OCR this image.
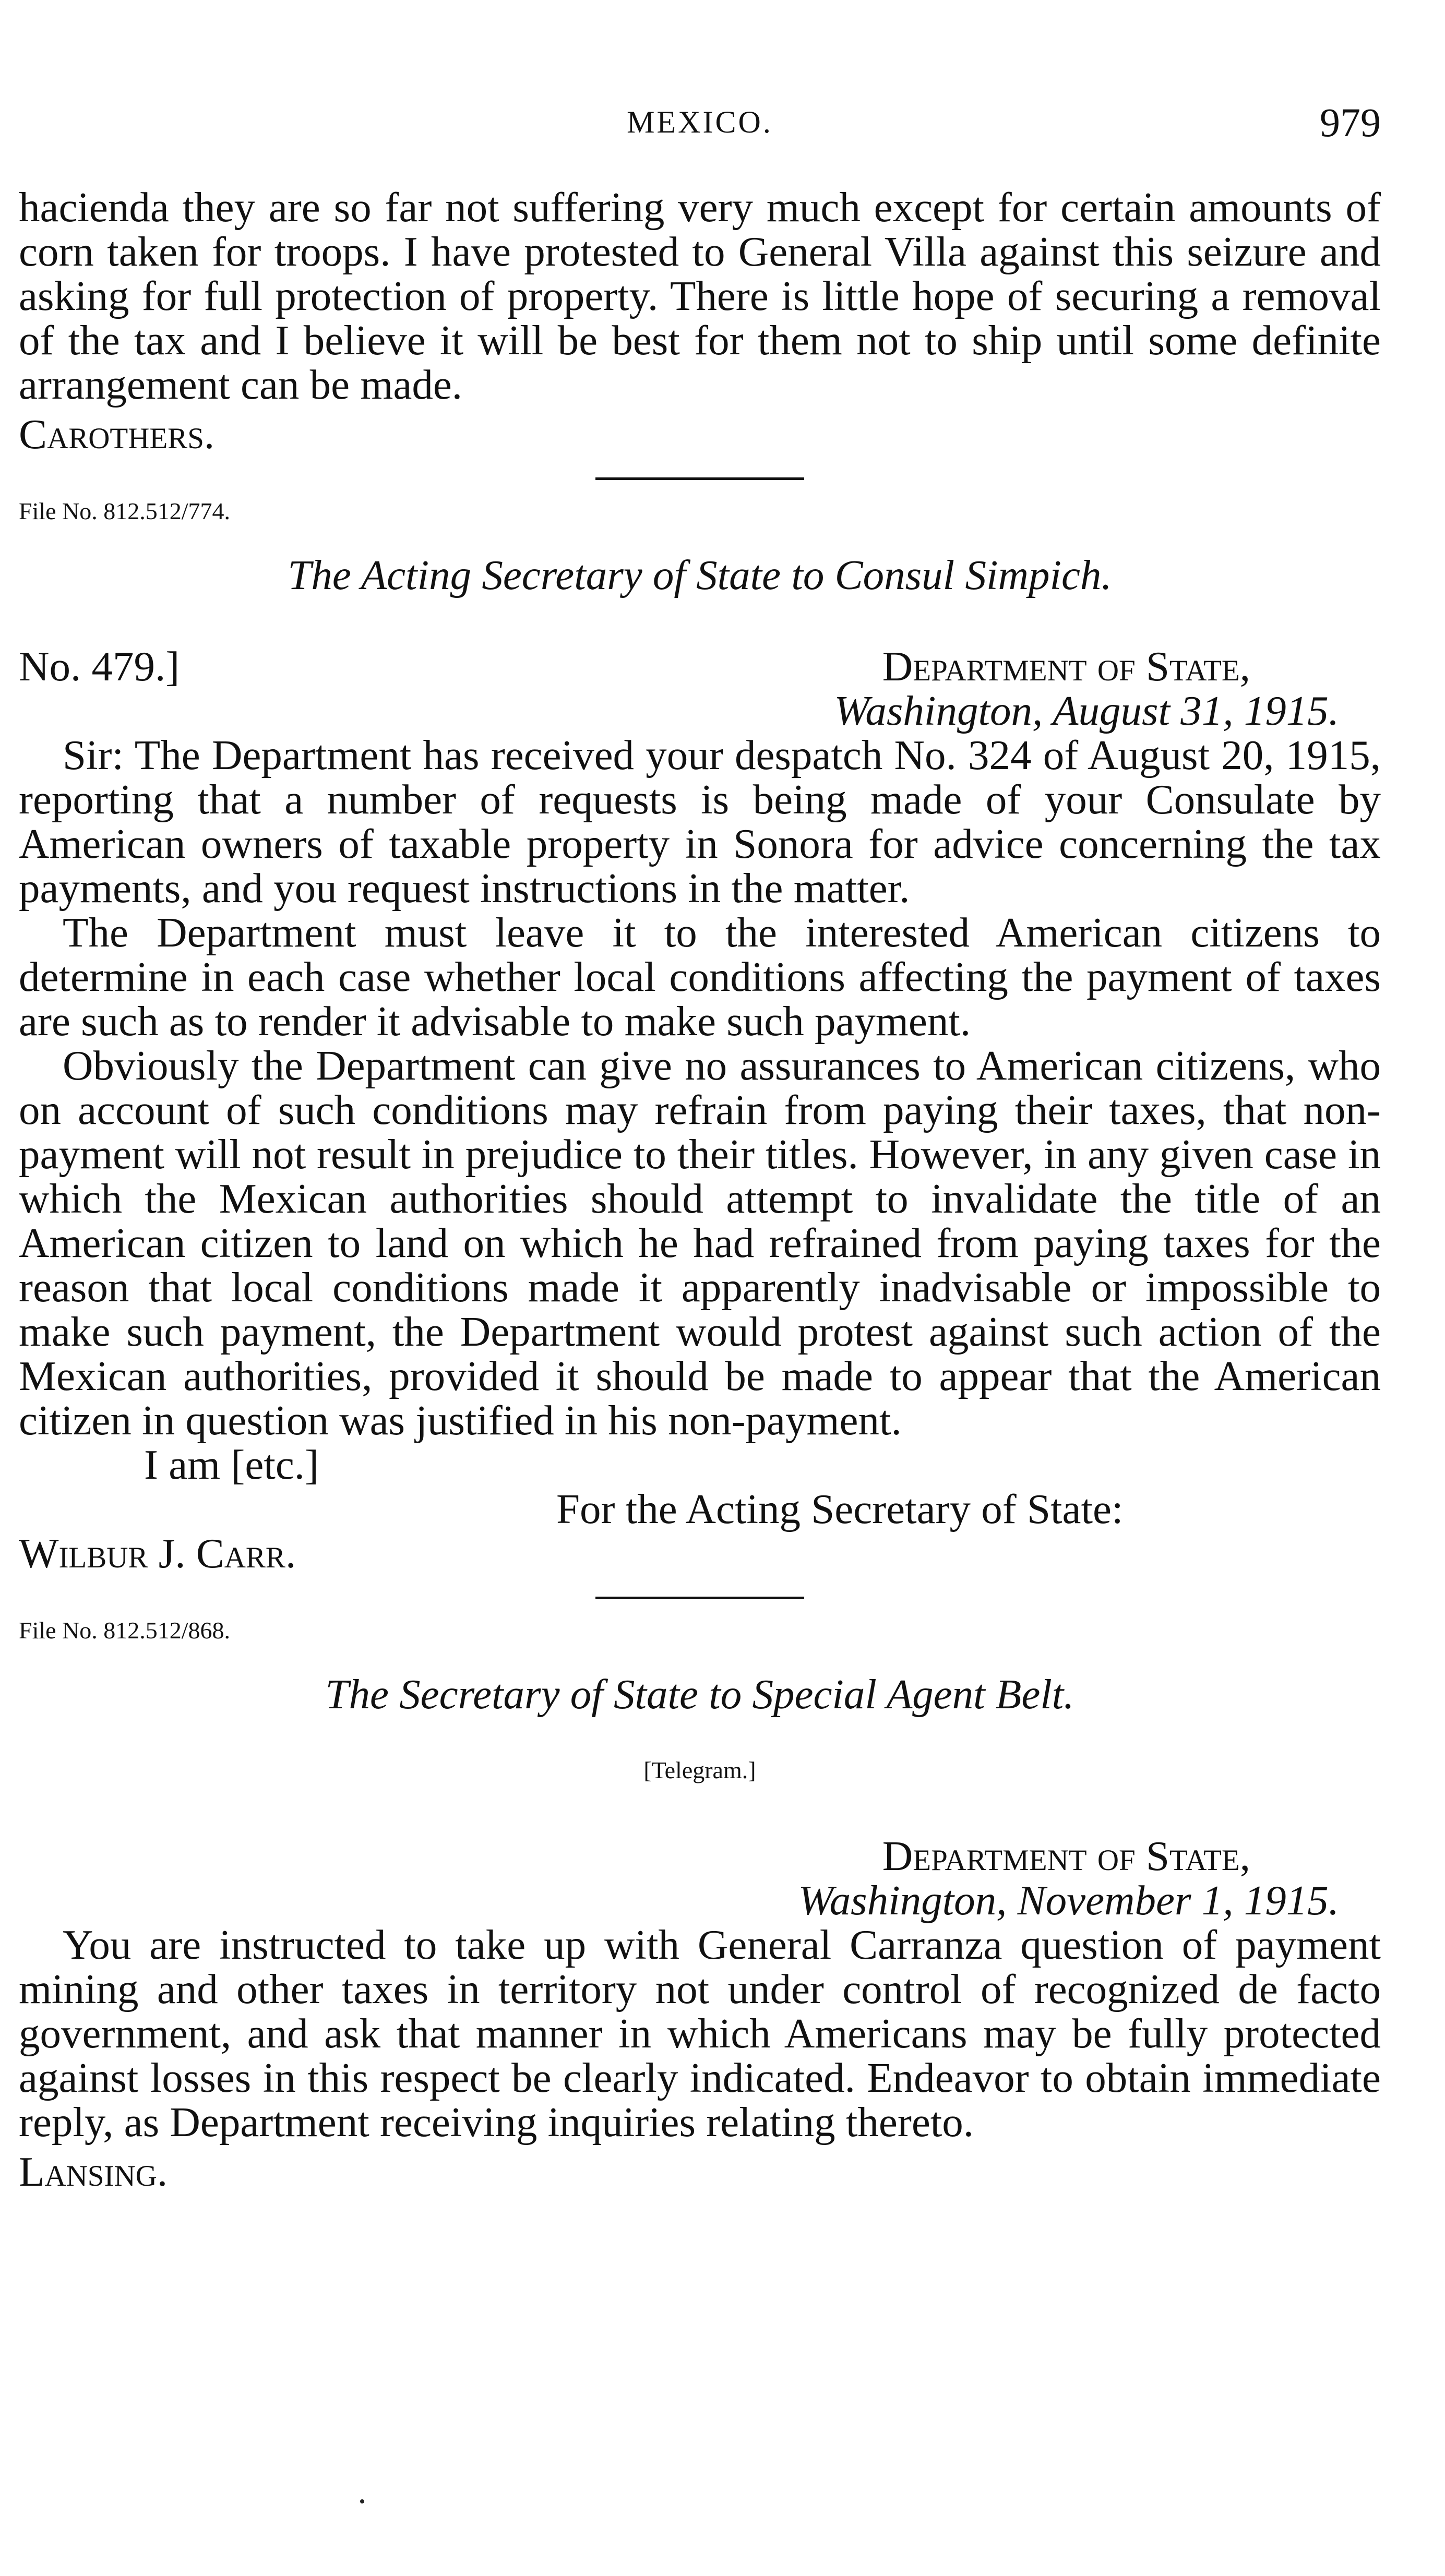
MEXICO.	979

hacienda they are so far not suffering very much except for certain amounts of corn taken for troops. I have protested to General Villa against this seizure and asking for full protection of property. There is little hope of securing a removal of the tax and I believe it will be best for them not to ship until some definite arrangement can be made.

Carothers.

File No. 812.512/774.
The Acting Secretary of State to Consul Simpich.
No. 479.]	Department of State,
Washington, August 31, 1915.

Sir: The Department has received your despatch No. 324 of August 20, 1915, reporting that a number of requests is being made of your Consulate by American owners of taxable property in Sonora for advice concerning the tax payments, and you request instructions in the matter.

The Department must leave it to the interested American citizens to determine in each case whether local conditions affecting the payment of taxes are such as to render it advisable to make such payment.

Obviously the Department can give no assurances to American citizens, who on account of such conditions may refrain from paying their taxes, that non-payment will not result in prejudice to their titles. However, in any given case in which the Mexican authorities should attempt to invalidate the title of an American citizen to land on which he had refrained from paying taxes for the reason that local conditions made it apparently inadvisable or impossible to make such payment, the Department would protest against such action of the Mexican authorities, provided it should be made to appear that the American citizen in question was justified in his non-payment.

I am [etc.]

For the Acting Secretary of State:

Wilbur J. Carr.

File No. 812.512/868.
The Secretary of State to Special Agent Belt.
[Telegram.]
Department of State,
Washington, November 1, 1915.

You are instructed to take up with General Carranza question of payment mining and other taxes in territory not under control of recognized de facto government, and ask that manner in which Americans may be fully protected against losses in this respect be clearly indicated. Endeavor to obtain immediate reply, as Department receiving inquiries relating thereto.

Lansing.
